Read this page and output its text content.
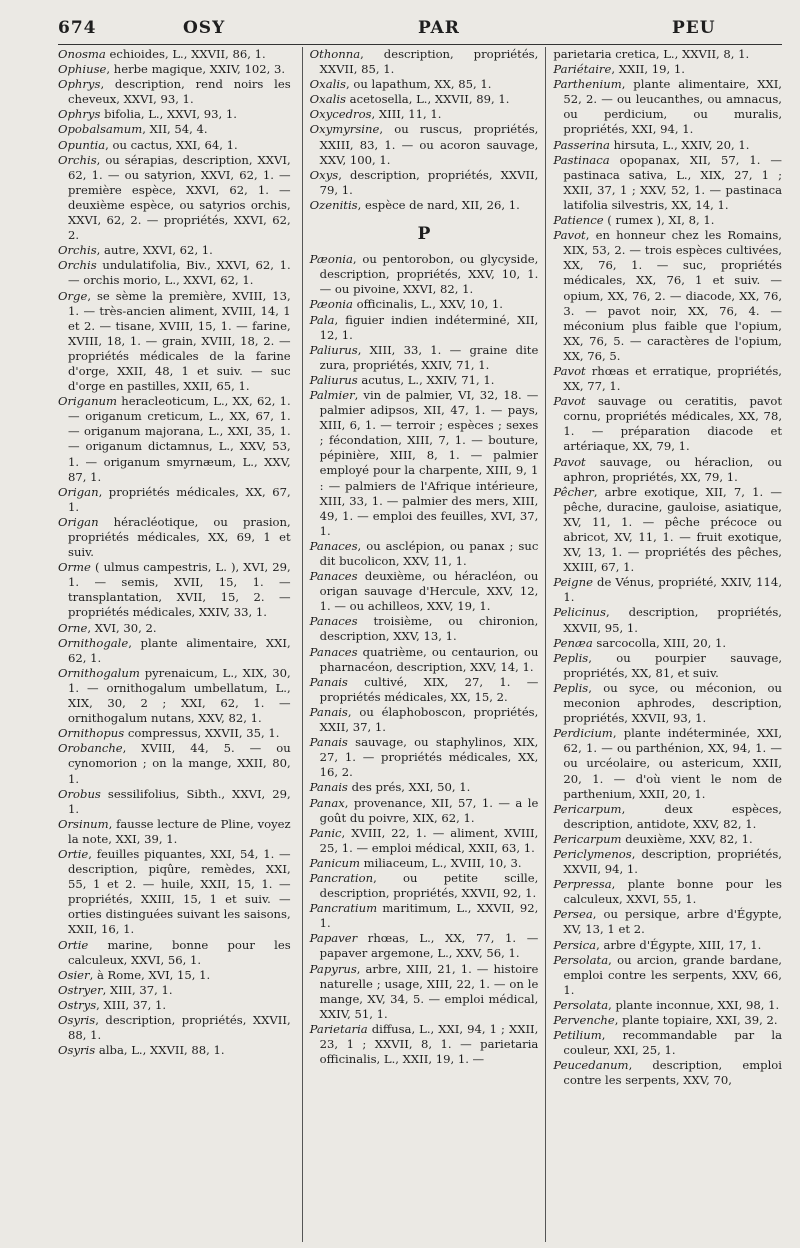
674	OSY	PAR	PEU

Onosma echioides, L., XXVII, 86, 1.

Ophiuse, herbe magique, XXIV, 102, 3.

Ophrys, description, rend noirs les cheveux, XXVI, 93, 1.

Ophrys bifolia, L., XXVI, 93, 1.

Opobalsamum, XII, 54, 4.

Opuntia, ou cactus, XXI, 64, 1.

Orchis, ou sérapias, description, XXVI, 62, 1. — ou satyrion, XXVI, 62, 1. — première espèce, XXVI, 62, 1. — deuxième espèce, ou satyrios orchis, XXVI, 62, 2. — propriétés, XXVI, 62, 2.

Orchis, autre, XXVI, 62, 1.

Orchis undulatifolia, Biv., XXVI, 62, 1. — orchis morio, L., XXVI, 62, 1.

Orge, se sème la première, XVIII, 13, 1. — très-ancien aliment, XVIII, 14, 1 et 2. — tisane, XVIII, 15, 1. — farine, XVIII, 18, 1. — grain, XVIII, 18, 2. — propriétés médicales de la farine d'orge, XXII, 48, 1 et suiv. — suc d'orge en pastilles, XXII, 65, 1.

Origanum heracleoticum, L., XX, 62, 1. — origanum creticum, L., XX, 67, 1. — origanum majorana, L., XXI, 35, 1. — origanum dictamnus, L., XXV, 53, 1. — origanum smyrnæum, L., XXV, 87, 1.

Origan, propriétés médicales, XX, 67, 1.

Origan héracléotique, ou prasion, propriétés médicales, XX, 69, 1 et suiv.

Orme ( ulmus campestris, L. ), XVI, 29, 1. — semis, XVII, 15, 1. — transplantation, XVII, 15, 2. — propriétés médicales, XXIV, 33, 1.

Orne, XVI, 30, 2.

Ornithogale, plante alimentaire, XXI, 62, 1.

Ornithogalum pyrenaicum, L., XIX, 30, 1. — ornithogalum umbellatum, L., XIX, 30, 2 ; XXI, 62, 1. — ornithogalum nutans, XXV, 82, 1.

Ornithopus compressus, XXVII, 35, 1.

Orobanche, XVIII, 44, 5. — ou cynomorion ; on la mange, XXII, 80, 1.

Orobus sessilifolius, Sibth., XXVI, 29, 1.

Orsinum, fausse lecture de Pline, voyez la note, XXI, 39, 1.

Ortie, feuilles piquantes, XXI, 54, 1. — description, piqûre, remèdes, XXI, 55, 1 et 2. — huile, XXII, 15, 1. — propriétés, XXIII, 15, 1 et suiv. — orties distinguées suivant les saisons, XXII, 16, 1.

Ortie marine, bonne pour les calculeux, XXVI, 56, 1.

Osier, à Rome, XVI, 15, 1.

Ostryer, XIII, 37, 1.

Ostrys, XIII, 37, 1.

Osyris, description, propriétés, XXVII, 88, 1.

Osyris alba, L., XXVII, 88, 1.

Othonna, description, propriétés, XXVII, 85, 1.

Oxalis, ou lapathum, XX, 85, 1.

Oxalis acetosella, L., XXVII, 89, 1.

Oxycedros, XIII, 11, 1.

Oxymyrsine, ou ruscus, propriétés, XXIII, 83, 1. — ou acoron sauvage, XXV, 100, 1.

Oxys, description, propriétés, XXVII, 79, 1.

Ozenitis, espèce de nard, XII, 26, 1.

P

Pæonia, ou pentorobon, ou glycyside, description, propriétés, XXV, 10, 1. — ou pivoine, XXVI, 82, 1.

Pæonia officinalis, L., XXV, 10, 1.

Pala, figuier indien indéterminé, XII, 12, 1.

Paliurus, XIII, 33, 1. — graine dite zura, propriétés, XXIV, 71, 1.

Paliurus acutus, L., XXIV, 71, 1.

Palmier, vin de palmier, VI, 32, 18. — palmier adipsos, XII, 47, 1. — pays, XIII, 6, 1. — terroir ; espèces ; sexes ; fécondation, XIII, 7, 1. — bouture, pépinière, XIII, 8, 1. — palmier employé pour la charpente, XIII, 9, 1 : — palmiers de l'Afrique intérieure, XIII, 33, 1. — palmier des mers, XIII, 49, 1. — emploi des feuilles, XVI, 37, 1.

Panaces, ou asclépion, ou panax ; suc dit bucolicon, XXV, 11, 1.

Panaces deuxième, ou héracléon, ou origan sauvage d'Hercule, XXV, 12, 1. — ou achilleos, XXV, 19, 1.

Panaces troisième, ou chironion, description, XXV, 13, 1.

Panaces quatrième, ou centaurion, ou pharnacéon, description, XXV, 14, 1.

Panais cultivé, XIX, 27, 1. — propriétés médicales, XX, 15, 2.

Panais, ou élaphoboscon, propriétés, XXII, 37, 1.

Panais sauvage, ou staphylinos, XIX, 27, 1. — propriétés médicales, XX, 16, 2.

Panais des prés, XXI, 50, 1.

Panax, provenance, XII, 57, 1. — a le goût du poivre, XIX, 62, 1.

Panic, XVIII, 22, 1. — aliment, XVIII, 25, 1. — emploi médical, XXII, 63, 1.

Panicum miliaceum, L., XVIII, 10, 3.

Pancration, ou petite scille, description, propriétés, XXVII, 92, 1.

Pancratium maritimum, L., XXVII, 92, 1.

Papaver rhœas, L., XX, 77, 1. — papaver argemone, L., XXV, 56, 1.

Papyrus, arbre, XIII, 21, 1. — histoire naturelle ; usage, XIII, 22, 1. — on le mange, XV, 34, 5. — emploi médical, XXIV, 51, 1.

Parietaria diffusa, L., XXI, 94, 1 ; XXII, 23, 1 ; XXVII, 8, 1. — parietaria officinalis, L., XXII, 19, 1. —

parietaria cretica, L., XXVII, 8, 1.

Pariétaire, XXII, 19, 1.

Parthenium, plante alimentaire, XXI, 52, 2. — ou leucanthes, ou amnacus, ou perdicium, ou muralis, propriétés, XXI, 94, 1.

Passerina hirsuta, L., XXIV, 20, 1.

Pastinaca opopanax, XII, 57, 1. — pastinaca sativa, L., XIX, 27, 1 ; XXII, 37, 1 ; XXV, 52, 1. — pastinaca latifolia silvestris, XX, 14, 1.

Patience ( rumex ), XI, 8, 1.

Pavot, en honneur chez les Romains, XIX, 53, 2. — trois espèces cultivées, XX, 76, 1. — suc, propriétés médicales, XX, 76, 1 et suiv. — opium, XX, 76, 2. — diacode, XX, 76, 3. — pavot noir, XX, 76, 4. — méconium plus faible que l'opium, XX, 76, 5. — caractères de l'opium, XX, 76, 5.

Pavot rhœas et erratique, propriétés, XX, 77, 1.

Pavot sauvage ou ceratitis, pavot cornu, propriétés médicales, XX, 78, 1. — préparation diacode et artériaque, XX, 79, 1.

Pavot sauvage, ou héraclion, ou aphron, propriétés, XX, 79, 1.

Pêcher, arbre exotique, XII, 7, 1. — pêche, duracine, gauloise, asiatique, XV, 11, 1. — pêche précoce ou abricot, XV, 11, 1. — fruit exotique, XV, 13, 1. — propriétés des pêches, XXIII, 67, 1.

Peigne de Vénus, propriété, XXIV, 114, 1.

Pelicinus, description, propriétés, XXVII, 95, 1.

Penæa sarcocolla, XIII, 20, 1.

Peplis, ou pourpier sauvage, propriétés, XX, 81, et suiv.

Peplis, ou syce, ou méconion, ou meconion aphrodes, description, propriétés, XXVII, 93, 1.

Perdicium, plante indéterminée, XXI, 62, 1. — ou parthénion, XX, 94, 1. — ou urcéolaire, ou astericum, XXII, 20, 1. — d'où vient le nom de parthenium, XXII, 20, 1.

Pericarpum, deux espèces, description, antidote, XXV, 82, 1.

Pericarpum deuxième, XXV, 82, 1.

Periclymenos, description, propriétés, XXVII, 94, 1.

Perpressa, plante bonne pour les calculeux, XXVI, 55, 1.

Persea, ou persique, arbre d'Égypte, XV, 13, 1 et 2.

Persica, arbre d'Égypte, XIII, 17, 1.

Persolata, ou arcion, grande bardane, emploi contre les serpents, XXV, 66, 1.

Persolata, plante inconnue, XXI, 98, 1.

Pervenche, plante topiaire, XXI, 39, 2.

Petilium, recommandable par la couleur, XXI, 25, 1.

Peucedanum, description, emploi contre les serpents, XXV, 70,
